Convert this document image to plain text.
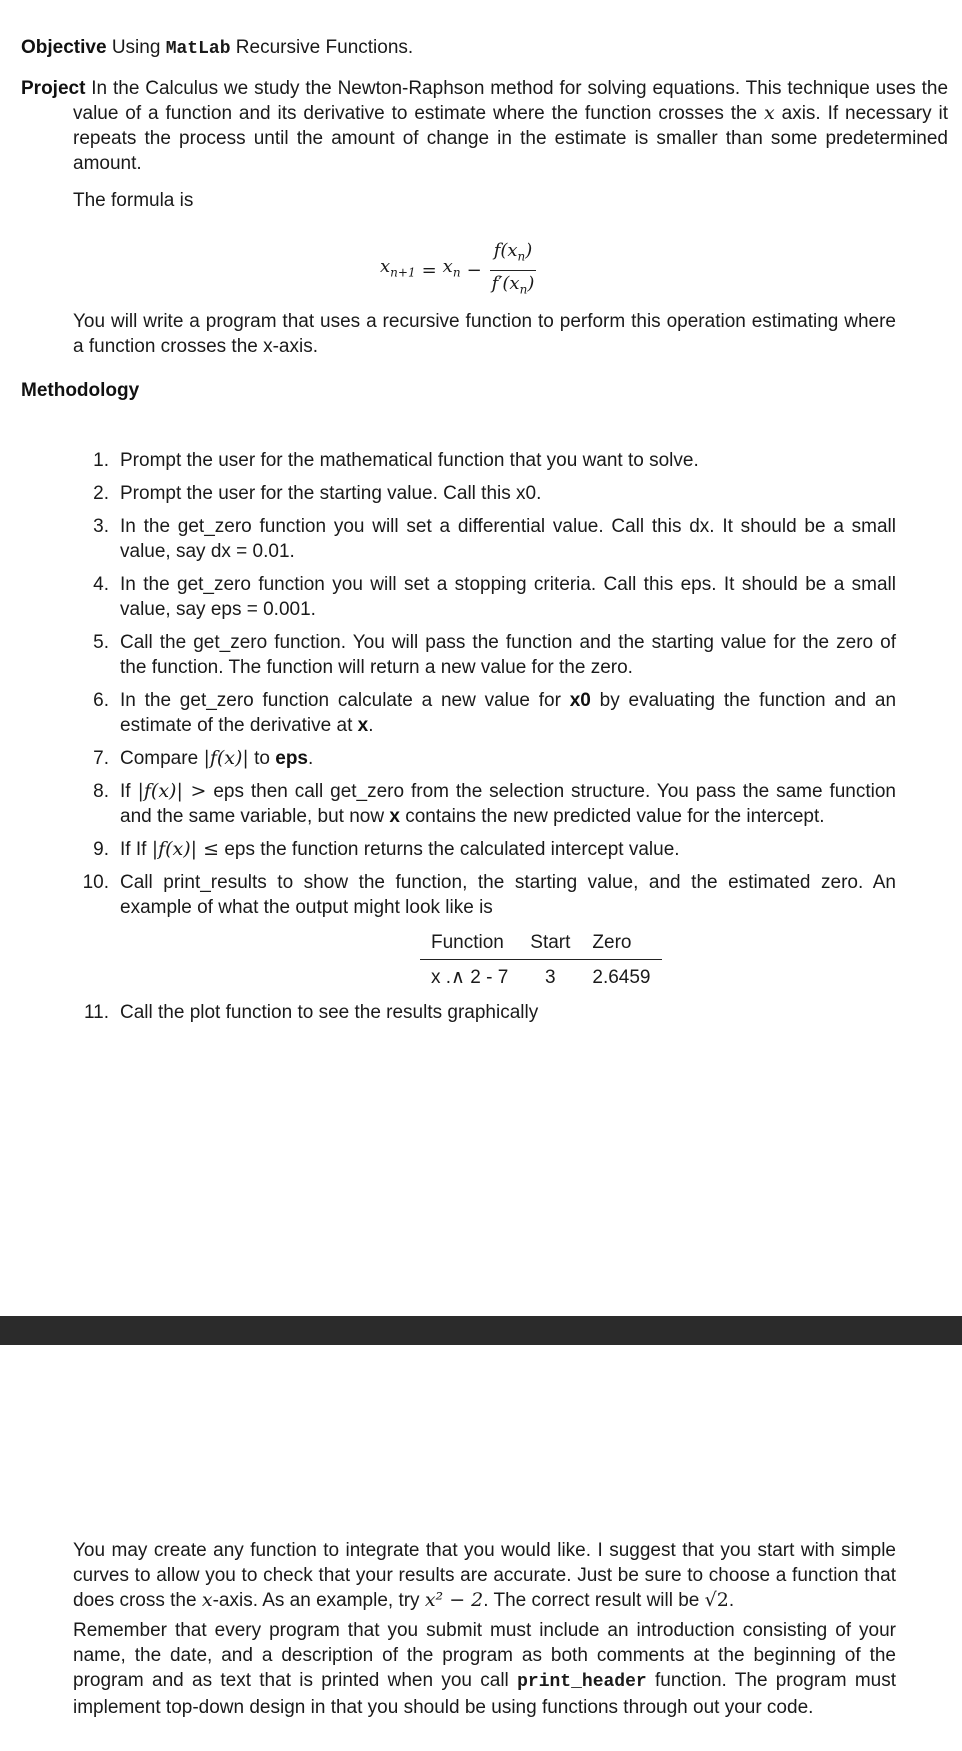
Objective Using MatLab Recursive Functions.
Project In the Calculus we study the Newton-Raphson method for solving equations. This technique uses the value of a function and its derivative to estimate where the function crosses the x axis. If necessary it repeats the process until the amount of change in the estimate is smaller than some predetermined amount.
The formula is
$x_{n+1} = x_n - \frac{f(x_n)}{f'(x_n)}$
You will write a program that uses a recursive function to perform this operation estimating where a function crosses the x-axis.
Methodology
1. Prompt the user for the mathematical function that you want to solve.
2. Prompt the user for the starting value. Call this x0.
3. In the get_zero function you will set a differential value. Call this dx. It should be a small value, say dx = 0.01.
4. In the get_zero function you will set a stopping criteria. Call this eps. It should be a small value, say eps = 0.001.
5. Call the get_zero function. You will pass the function and the starting value for the zero of the function. The function will return a new value for the zero.
6. In the get_zero function calculate a new value for x0 by evaluating the function and an estimate of the derivative at x.
7. Compare |f(x)| to eps.
8. If |f(x)| > eps then call get_zero from the selection structure. You pass the same function and the same variable, but now x contains the new predicted value for the intercept.
9. If If |f(x)| ≤ eps the function returns the calculated intercept value.
10. Call print_results to show the function, the starting value, and the estimated zero. An example of what the output might look like is
Function	Start	Zero
x .∧ 2 - 7	3	2.6459
11. Call the plot function to see the results graphically
You may create any function to integrate that you would like. I suggest that you start with simple curves to allow you to check that your results are accurate. Just be sure to choose a function that does cross the x-axis. As an example, try x² − 2. The correct result will be √2.
Remember that every program that you submit must include an introduction consisting of your name, the date, and a description of the program as both comments at the beginning of the program and as text that is printed when you call print_header function. The program must implement top-down design in that you should be using functions through out your code.
